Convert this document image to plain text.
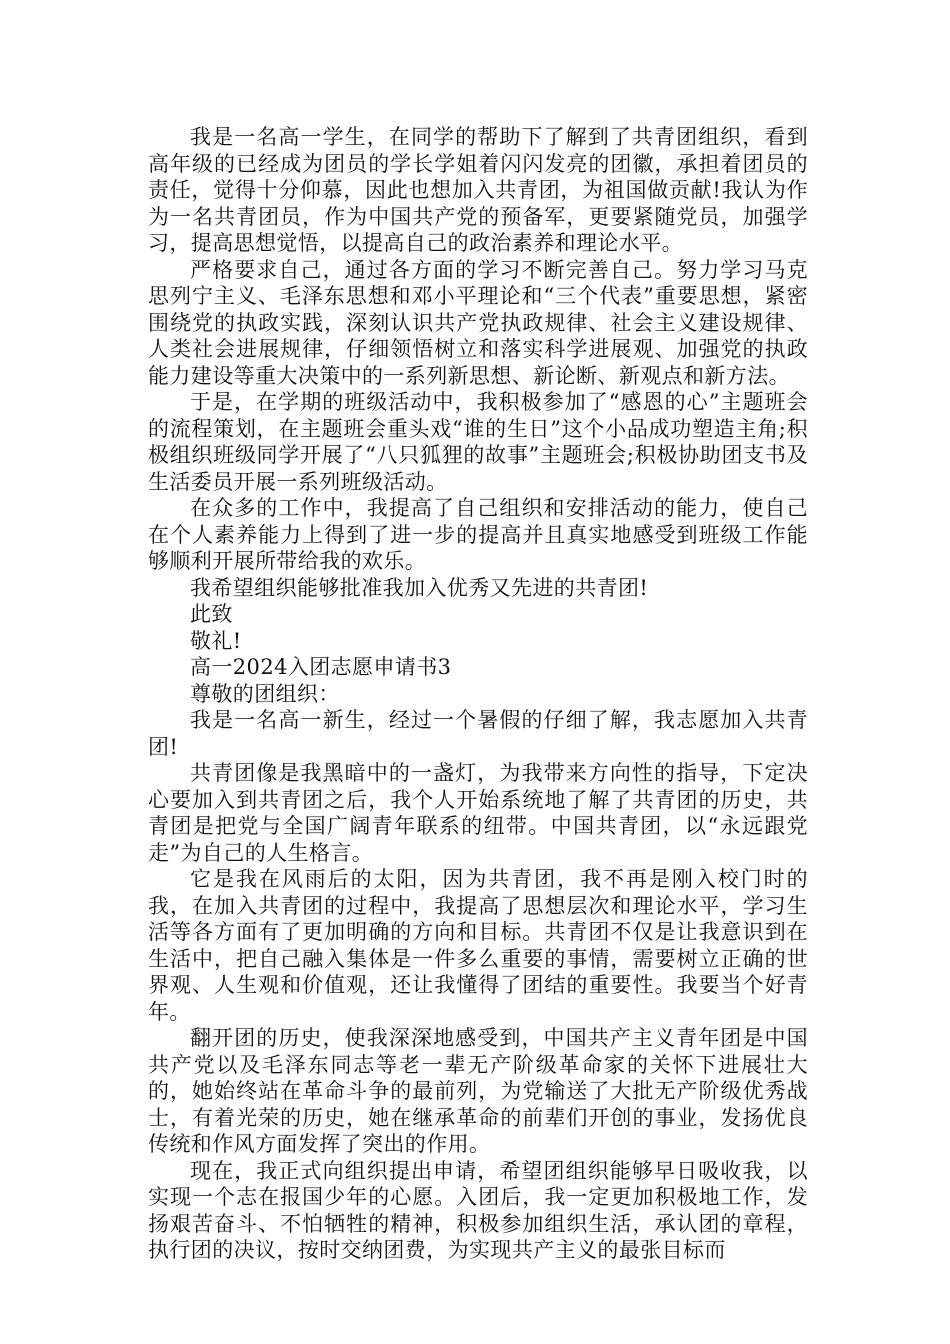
我是一名高一学生，在同学的帮助下了解到了共青团组织，看到高年级的已经成为团员的学长学姐着闪闪发亮的团徽，承担着团员的责任，觉得十分仰慕，因此也想加入共青团，为祖国做贡献!我认为作为一名共青团员，作为中国共产党的预备军，更要紧随党员，加强学习，提高思想觉悟，以提高自己的政治素养和理论水平。

严格要求自己，通过各方面的学习不断完善自己。努力学习马克思列宁主义、毛泽东思想和邓小平理论和“三个代表”重要思想，紧密围绕党的执政实践，深刻认识共产党执政规律、社会主义建设规律、人类社会进展规律，仔细领悟树立和落实科学进展观、加强党的执政能力建设等重大决策中的一系列新思想、新论断、新观点和新方法。

于是，在学期的班级活动中，我积极参加了“感恩的心”主题班会的流程策划，在主题班会重头戏“谁的生日”这个小品成功塑造主角;积极组织班级同学开展了“八只狐狸的故事”主题班会;积极协助团支书及生活委员开展一系列班级活动。

在众多的工作中，我提高了自己组织和安排活动的能力，使自己在个人素养能力上得到了进一步的提高并且真实地感受到班级工作能够顺利开展所带给我的欢乐。

我希望组织能够批准我加入优秀又先进的共青团!

此致

敬礼!

高一2024入团志愿申请书3

尊敬的团组织：

我是一名高一新生，经过一个暑假的仔细了解，我志愿加入共青团!

共青团像是我黑暗中的一盏灯，为我带来方向性的指导，下定决心要加入到共青团之后，我个人开始系统地了解了共青团的历史，共青团是把党与全国广阔青年联系的纽带。中国共青团，以“永远跟党走”为自己的人生格言。

它是我在风雨后的太阳，因为共青团，我不再是刚入校门时的我，在加入共青团的过程中，我提高了思想层次和理论水平，学习生活等各方面有了更加明确的方向和目标。共青团不仅是让我意识到在生活中，把自己融入集体是一件多么重要的事情，需要树立正确的世界观、人生观和价值观，还让我懂得了团结的重要性。我要当个好青年。

翻开团的历史，使我深深地感受到，中国共产主义青年团是中国共产党以及毛泽东同志等老一辈无产阶级革命家的关怀下进展壮大的，她始终站在革命斗争的最前列，为党输送了大批无产阶级优秀战士，有着光荣的历史，她在继承革命的前辈们开创的事业，发扬优良传统和作风方面发挥了突出的作用。

现在，我正式向组织提出申请，希望团组织能够早日吸收我，以实现一个志在报国少年的心愿。入团后，我一定更加积极地工作，发扬艰苦奋斗、不怕牺牲的精神，积极参加组织生活，承认团的章程，执行团的决议，按时交纳团费，为实现共产主义的最张目标而
